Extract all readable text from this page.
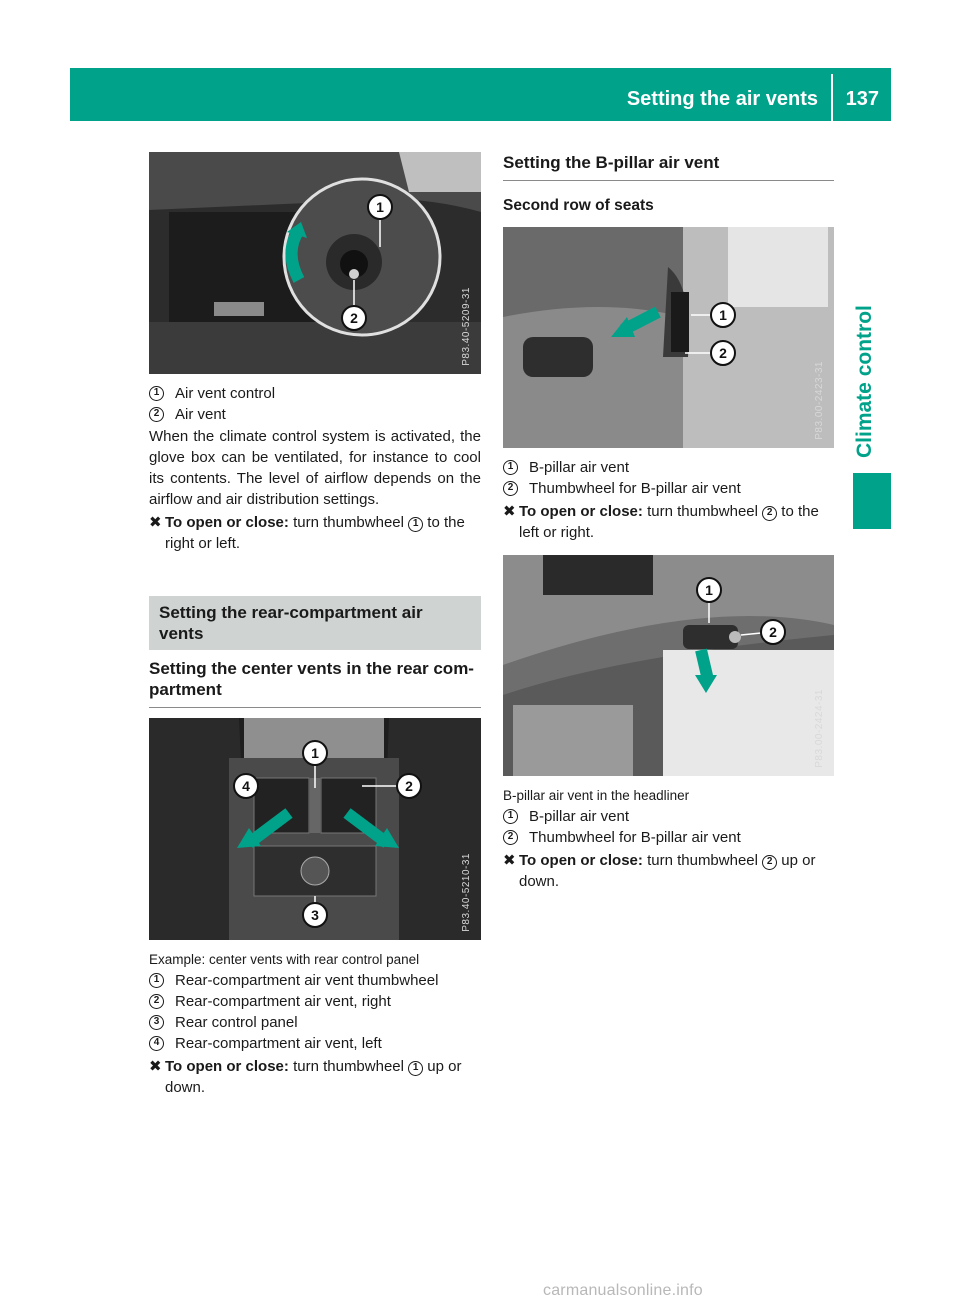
Setting the air vents 137
Climate control
1
2	P83.40-5209-31
1	Air vent control
2	Air vent

When the climate control system is activated, the glove box can be ventilated, for instance to cool its contents. The level of airflow depends on the airflow and air distribution settings.

✖ To open or close: turn thumbwheel 1 to the right or left.
Setting the rear-compartment air vents
Setting the center vents in the rear com-partment
1
2
3
4
P83.40-5210-31
Example: center vents with rear control panel
1	Rear-compartment air vent thumbwheel
2	Rear-compartment air vent, right
3	Rear control panel
4	Rear-compartment air vent, left
✖ To open or close: turn thumbwheel 1 up or down.
Setting the B-pillar air vent
Second row of seats
1
2
P83.00-2423-31
1	B-pillar air vent
2	Thumbwheel for B-pillar air vent
✖ To open or close: turn thumbwheel 2 to the left or right.
1
2
P83.00-2424-31
B-pillar air vent in the headliner
1	B-pillar air vent
2	Thumbwheel for B-pillar air vent
✖ To open or close: turn thumbwheel 2 up or down.
carmanualsonline.info
